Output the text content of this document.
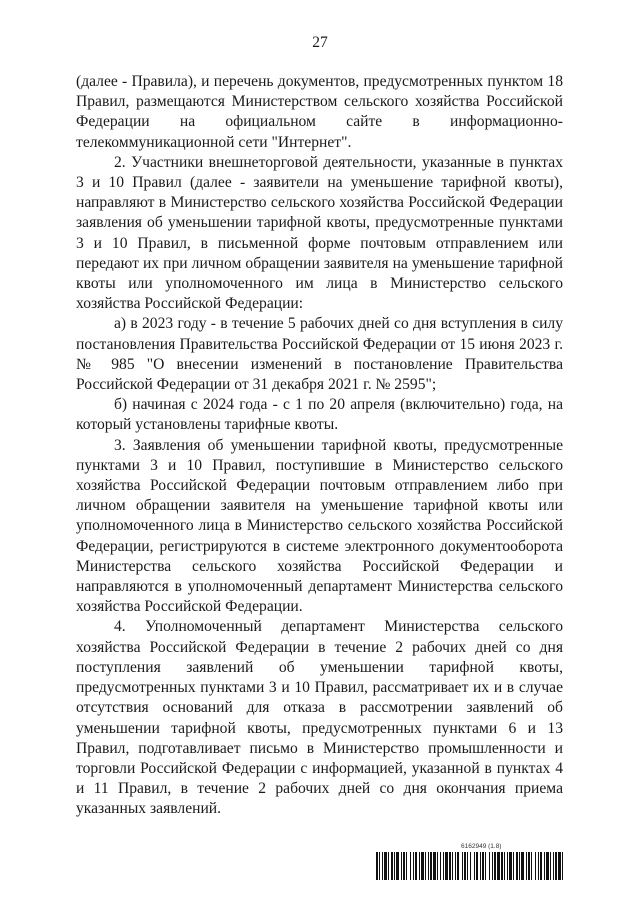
27

(далее - Правила), и перечень документов, предусмотренных пунктом 18 Правил, размещаются Министерством сельского хозяйства Российской Федерации на официальном сайте в информационно-телекоммуникационной сети "Интернет".

2. Участники внешнеторговой деятельности, указанные в пунктах 3 и 10 Правил (далее - заявители на уменьшение тарифной квоты), направляют в Министерство сельского хозяйства Российской Федерации заявления об уменьшении тарифной квоты, предусмотренные пунктами 3 и 10 Правил, в письменной форме почтовым отправлением или передают их при личном обращении заявителя на уменьшение тарифной квоты или уполномоченного им лица в Министерство сельского хозяйства Российской Федерации:

а) в 2023 году - в течение 5 рабочих дней со дня вступления в силу постановления Правительства Российской Федерации от 15 июня 2023 г. № 985 "О внесении изменений в постановление Правительства Российской Федерации от 31 декабря 2021 г. № 2595";

б) начиная с 2024 года - с 1 по 20 апреля (включительно) года, на который установлены тарифные квоты.

3. Заявления об уменьшении тарифной квоты, предусмотренные пунктами 3 и 10 Правил, поступившие в Министерство сельского хозяйства Российской Федерации почтовым отправлением либо при личном обращении заявителя на уменьшение тарифной квоты или уполномоченного лица в Министерство сельского хозяйства Российской Федерации, регистрируются в системе электронного документооборота Министерства сельского хозяйства Российской Федерации и направляются в уполномоченный департамент Министерства сельского хозяйства Российской Федерации.

4. Уполномоченный департамент Министерства сельского хозяйства Российской Федерации в течение 2 рабочих дней со дня поступления заявлений об уменьшении тарифной квоты, предусмотренных пунктами 3 и 10 Правил, рассматривает их и в случае отсутствия оснований для отказа в рассмотрении заявлений об уменьшении тарифной квоты, предусмотренных пунктами 6 и 13 Правил, подготавливает письмо в Министерство промышленности и торговли Российской Федерации с информацией, указанной в пунктах 4 и 11 Правил, в течение 2 рабочих дней со дня окончания приема указанных заявлений.

6162949 (1.8)
